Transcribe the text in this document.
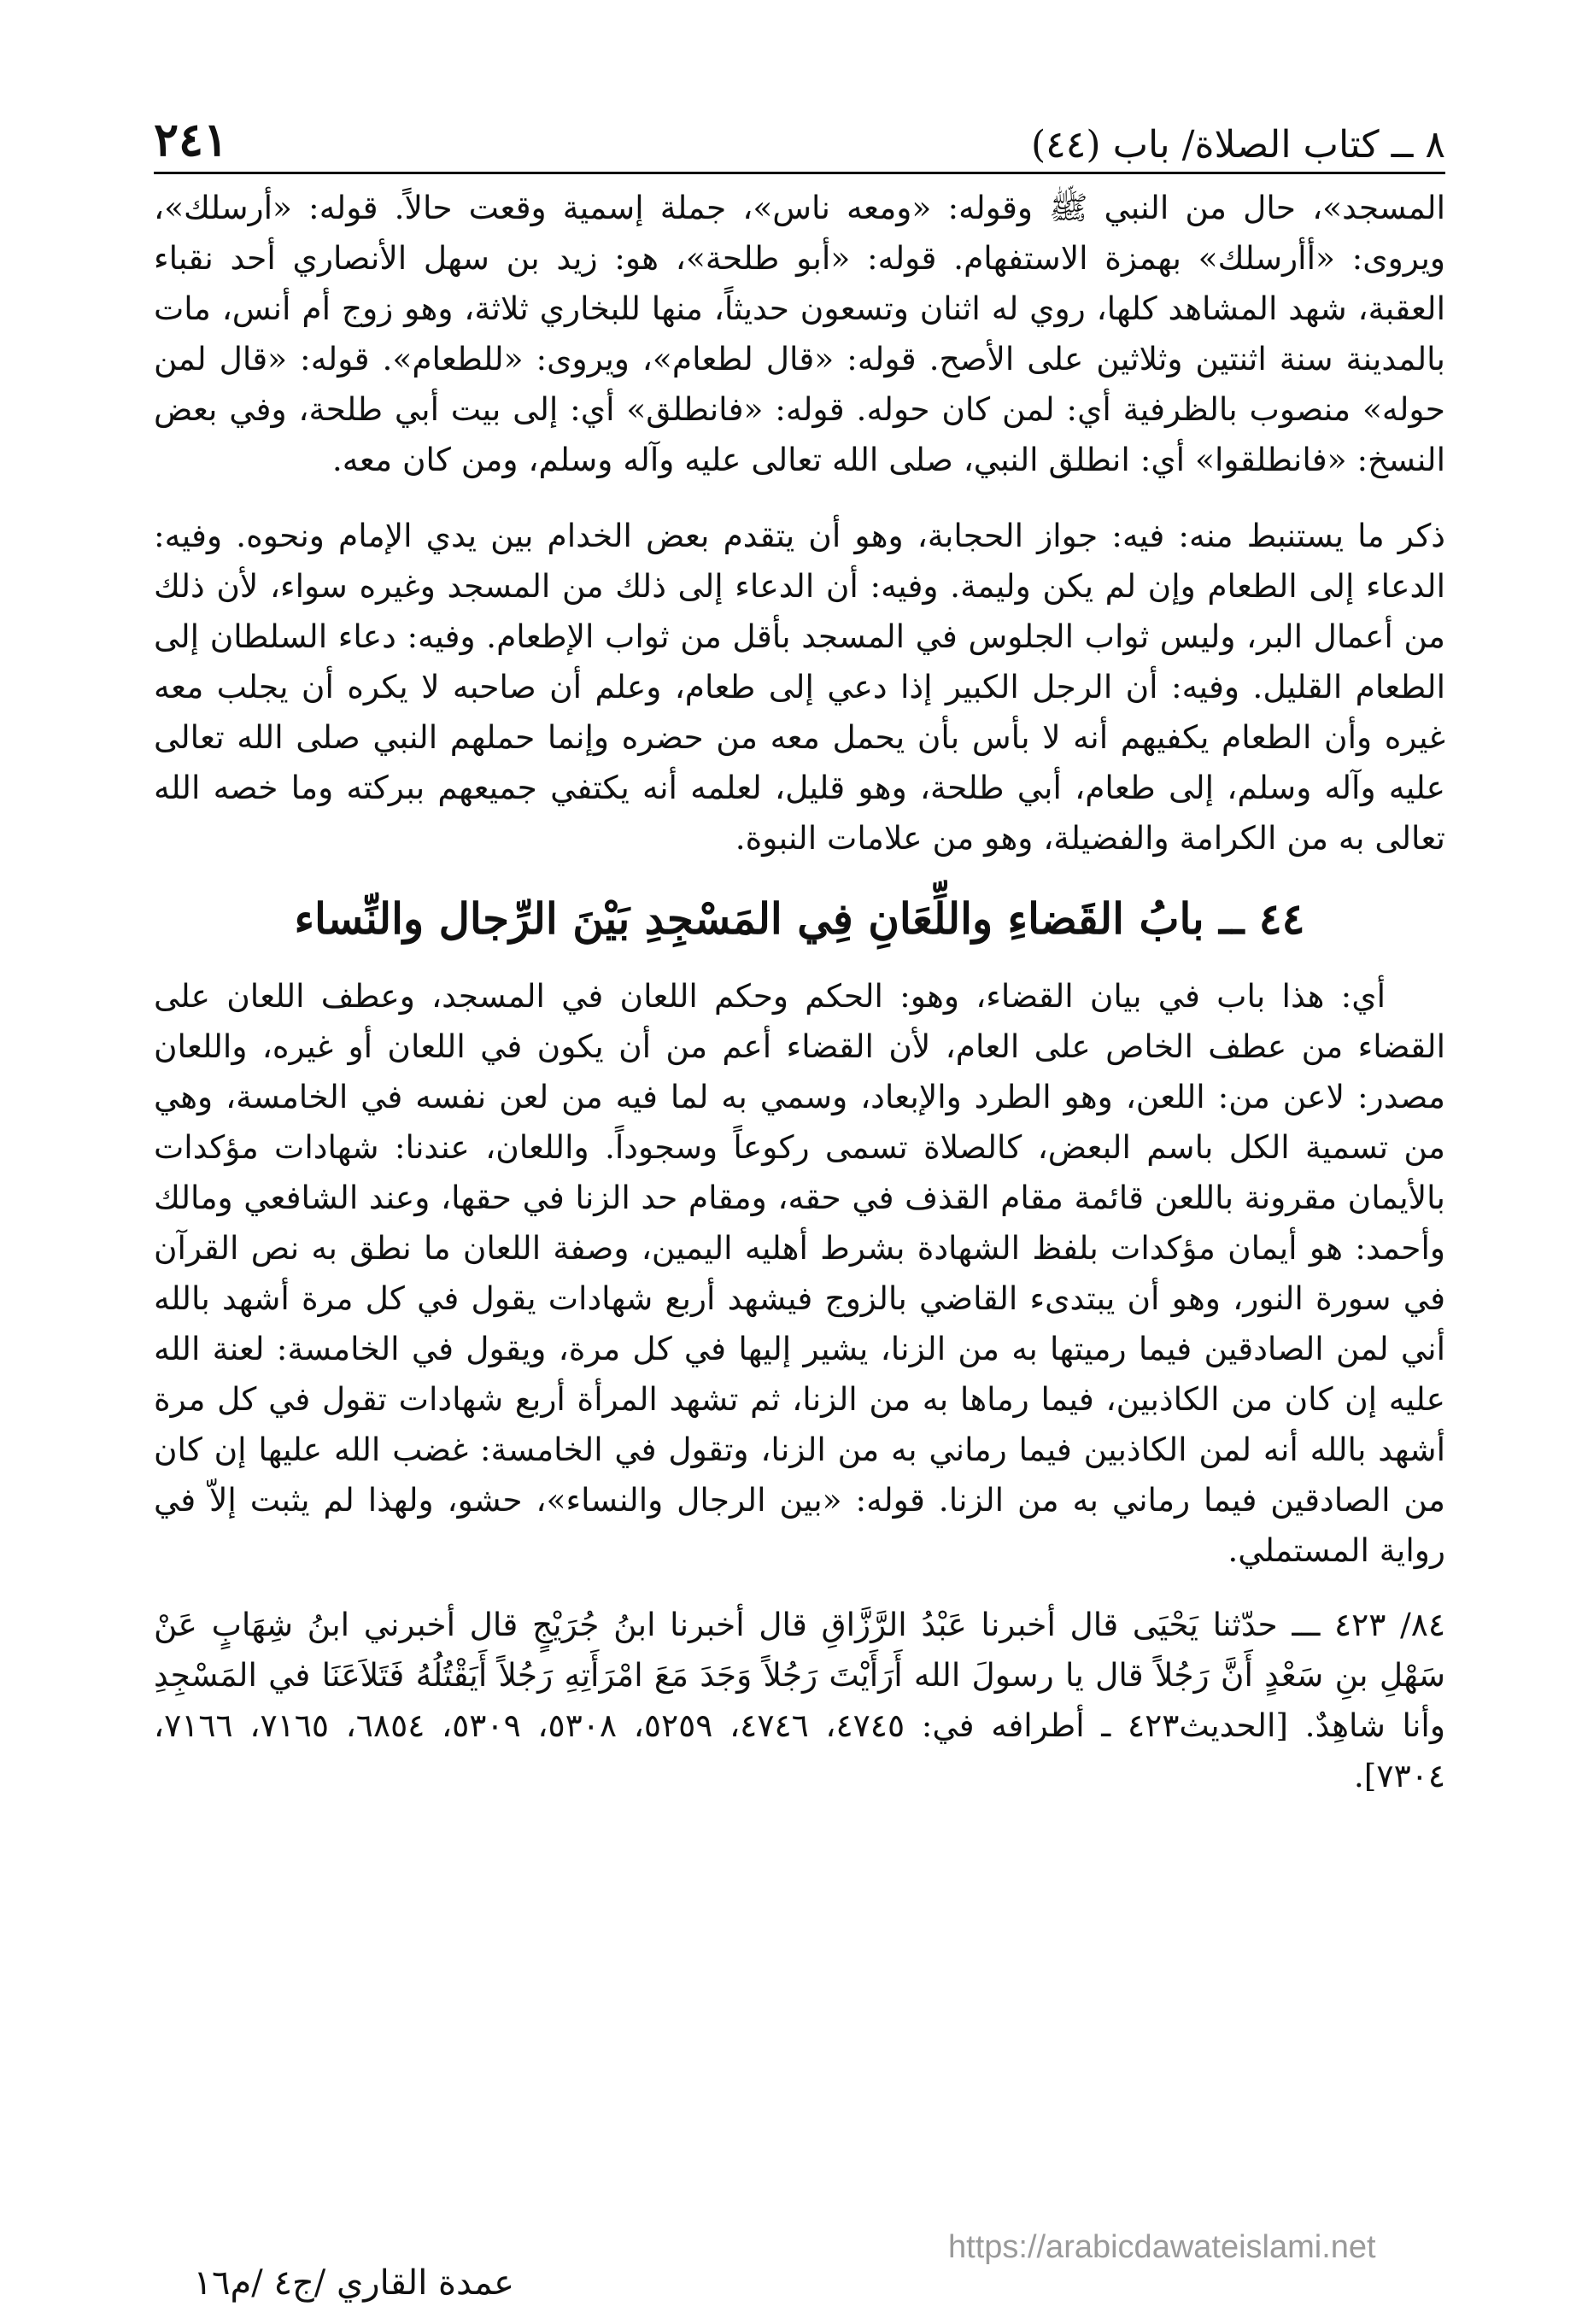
٨ ــ كتاب الصلاة/ باب (٤٤)
٢٤١

المسجد»، حال من النبي ﷺ وقوله: «ومعه ناس»، جملة إسمية وقعت حالاً. قوله: «أرسلك»، ويروى: «أأرسلك» بهمزة الاستفهام. قوله: «أبو طلحة»، هو: زيد بن سهل الأنصاري أحد نقباء العقبة، شهد المشاهد كلها، روي له اثنان وتسعون حديثاً، منها للبخاري ثلاثة، وهو زوج أم أنس، مات بالمدينة سنة اثنتين وثلاثين على الأصح. قوله: «قال لطعام»، ويروى: «للطعام». قوله: «قال لمن حوله» منصوب بالظرفية أي: لمن كان حوله. قوله: «فانطلق» أي: إلى بيت أبي طلحة، وفي بعض النسخ: «فانطلقوا» أي: انطلق النبي، صلى الله تعالى عليه وآله وسلم، ومن كان معه.

ذكر ما يستنبط منه: فيه: جواز الحجابة، وهو أن يتقدم بعض الخدام بين يدي الإمام ونحوه. وفيه: الدعاء إلى الطعام وإن لم يكن وليمة. وفيه: أن الدعاء إلى ذلك من المسجد وغيره سواء، لأن ذلك من أعمال البر، وليس ثواب الجلوس في المسجد بأقل من ثواب الإطعام. وفيه: دعاء السلطان إلى الطعام القليل. وفيه: أن الرجل الكبير إذا دعي إلى طعام، وعلم أن صاحبه لا يكره أن يجلب معه غيره وأن الطعام يكفيهم أنه لا بأس بأن يحمل معه من حضره وإنما حملهم النبي صلى الله تعالى عليه وآله وسلم، إلى طعام، أبي طلحة، وهو قليل، لعلمه أنه يكتفي جميعهم ببركته وما خصه الله تعالى به من الكرامة والفضيلة، وهو من علامات النبوة.

٤٤ ــ بابُ القَضاءِ واللِّعَانِ فِي المَسْجِدِ بَيْنَ الرِّجال والنِّساء

أي: هذا باب في بيان القضاء، وهو: الحكم وحكم اللعان في المسجد، وعطف اللعان على القضاء من عطف الخاص على العام، لأن القضاء أعم من أن يكون في اللعان أو غيره، واللعان مصدر: لاعن من: اللعن، وهو الطرد والإبعاد، وسمي به لما فيه من لعن نفسه في الخامسة، وهي من تسمية الكل باسم البعض، كالصلاة تسمى ركوعاً وسجوداً. واللعان، عندنا: شهادات مؤكدات بالأيمان مقرونة باللعن قائمة مقام القذف في حقه، ومقام حد الزنا في حقها، وعند الشافعي ومالك وأحمد: هو أيمان مؤكدات بلفظ الشهادة بشرط أهليه اليمين، وصفة اللعان ما نطق به نص القرآن في سورة النور، وهو أن يبتدىء القاضي بالزوج فيشهد أربع شهادات يقول في كل مرة أشهد بالله أني لمن الصادقين فيما رميتها به من الزنا، يشير إليها في كل مرة، ويقول في الخامسة: لعنة الله عليه إن كان من الكاذبين، فيما رماها به من الزنا، ثم تشهد المرأة أربع شهادات تقول في كل مرة أشهد بالله أنه لمن الكاذبين فيما رماني به من الزنا، وتقول في الخامسة: غضب الله عليها إن كان من الصادقين فيما رماني به من الزنا. قوله: «بين الرجال والنساء»، حشو، ولهذا لم يثبت إلاّ في رواية المستملي.

٨٤/ ٤٢٣ ـــ حدّثنا يَحْيَى قال أخبرنا عَبْدُ الرَّزَّاقِ قال أخبرنا ابنُ جُرَيْجٍ قال أخبرني ابنُ شِهَابٍ عَنْ سَهْلِ بنِ سَعْدٍ أَنَّ رَجُلاً قال يا رسولَ الله أَرَأَيْتَ رَجُلاً وَجَدَ مَعَ امْرَأَتِهِ رَجُلاً أَيَقْتُلُهُ فَتَلاَعَنَا في المَسْجِدِ وأنا شاهِدٌ. [الحديث٤٢٣ ـ أطرافه في: ٤٧٤٥، ٤٧٤٦، ٥٢٥٩، ٥٣٠٨، ٥٣٠٩، ٦٨٥٤، ٧١٦٥، ٧١٦٦، ٧٣٠٤].

https://arabicdawateislami.net
عمدة القاري /ج٤ /م١٦
